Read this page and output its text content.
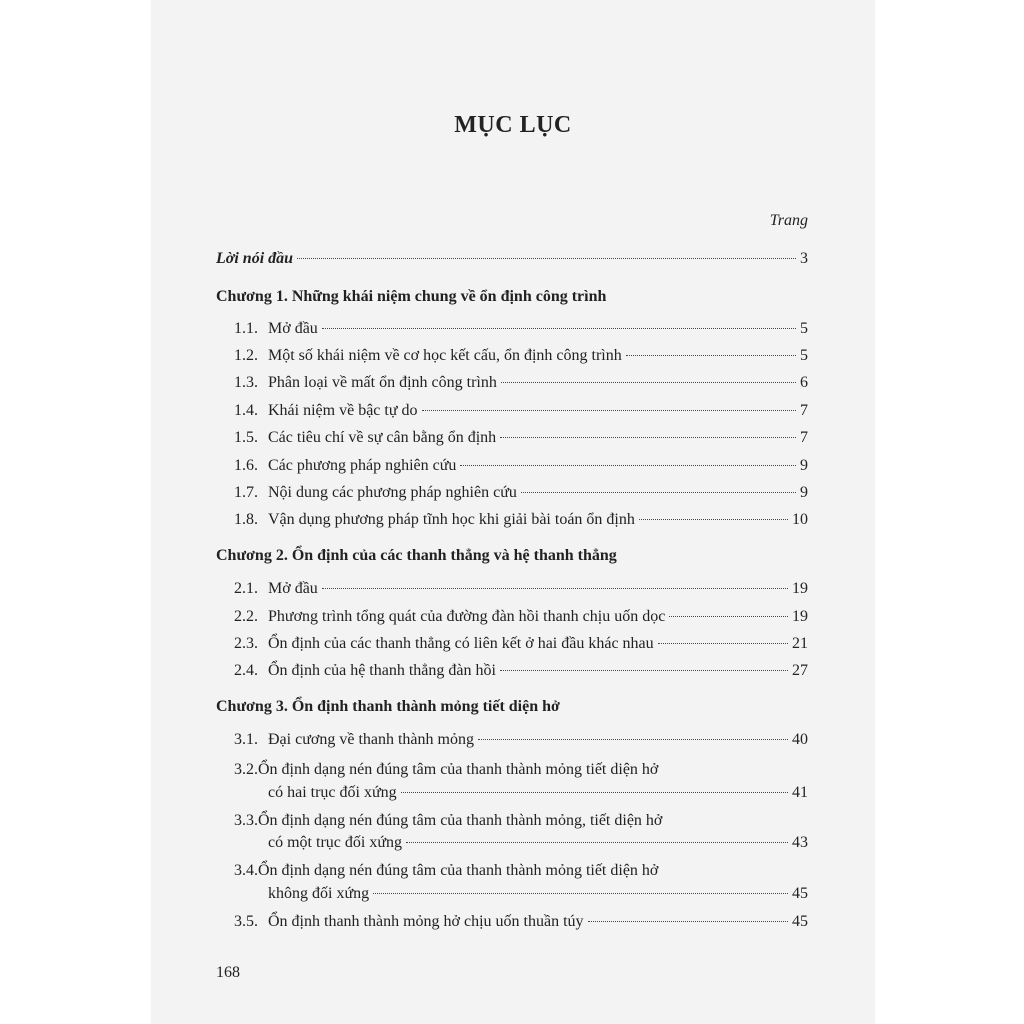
MỤC LỤC
Trang
Lời nói đầu	3
Chương 1. Những khái niệm chung về ổn định công trình
1.1. Mở đầu	5
1.2. Một số khái niệm về cơ học kết cấu, ổn định công trình	5
1.3. Phân loại về mất ổn định công trình	6
1.4. Khái niệm về bậc tự do	7
1.5. Các tiêu chí về sự cân bằng ổn định	7
1.6. Các phương pháp nghiên cứu	9
1.7. Nội dung các phương pháp nghiên cứu	9
1.8. Vận dụng phương pháp tĩnh học khi giải bài toán ổn định	10
Chương 2. Ổn định của các thanh thẳng và hệ thanh thẳng
2.1. Mở đầu	19
2.2. Phương trình tổng quát của đường đàn hồi thanh chịu uốn dọc	19
2.3. Ổn định của các thanh thẳng có liên kết ở hai đầu khác nhau	21
2.4. Ổn định của hệ thanh thẳng đàn hồi	27
Chương 3. Ổn định thanh thành mỏng tiết diện hở
3.1. Đại cương về thanh thành mỏng	40
3.2.Ổn định dạng nén đúng tâm của thanh thành mỏng tiết diện hở
có hai trục đối xứng	41
3.3.Ổn định dạng nén đúng tâm của thanh thành mỏng, tiết diện hở
có một trục đối xứng	43
3.4.Ổn định dạng nén đúng tâm của thanh thành mỏng tiết diện hở
không đối xứng	45
3.5. Ổn định thanh thành mỏng hở chịu uốn thuần túy	45
168
